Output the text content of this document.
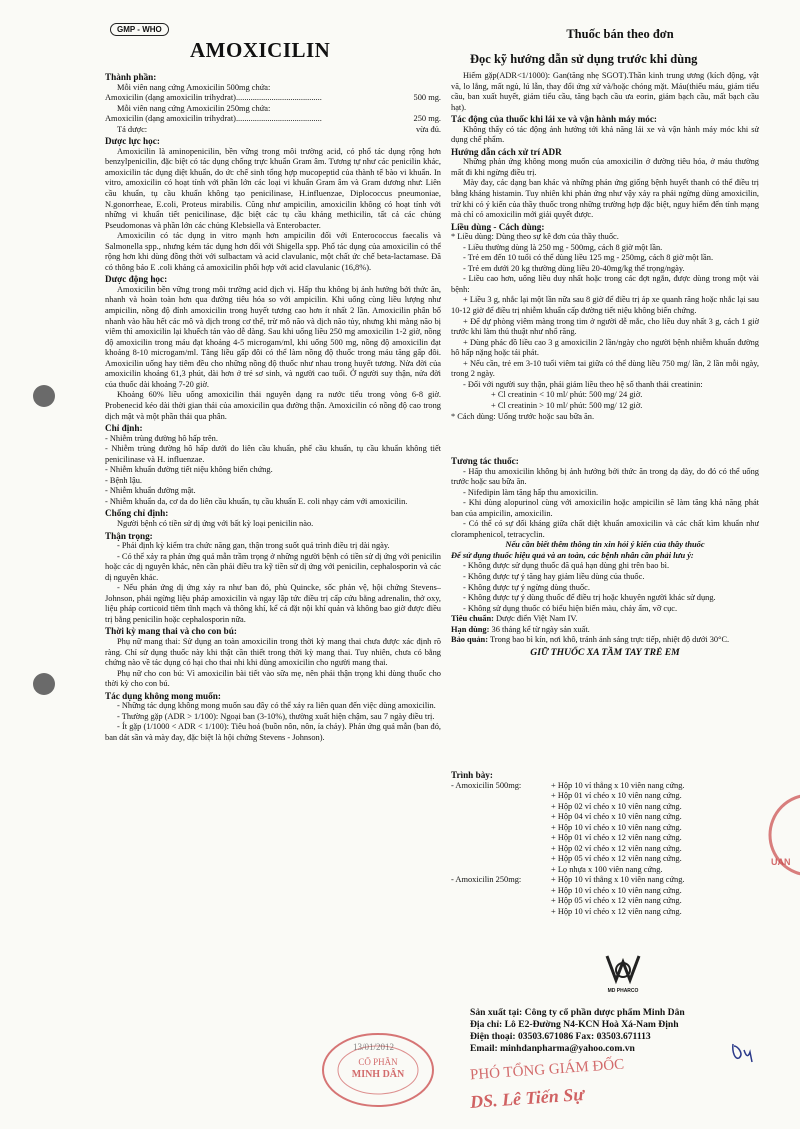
GMP - WHO
AMOXICILIN
Thuốc bán theo đơn
Đọc kỹ hướng dẫn sử dụng trước khi dùng
Thành phần:

Mỗi viên nang cứng Amoxicilin 500mg chứa:

Amoxicilin (dạng amoxicilin trihydrat).........................................	500 mg.

Mỗi viên nang cứng Amoxicilin 250mg chứa:

Amoxicilin (dạng amoxicilin trihydrat).........................................	250 mg.
Tá dược:	vừa đủ.
Dược lực học:

Amoxicilin là aminopenicilin, bền vững trong môi trường acid, có phổ tác dụng rộng hơn benzylpenicilin, đặc biệt có tác dụng chống trực khuẩn Gram âm. Tương tự như các penicilin khác, amoxicilin tác dụng diệt khuẩn, do ức chế sinh tổng hợp mucopeptid của thành tế bào vi khuẩn. In vitro, amoxicilin có hoạt tính với phần lớn các loại vi khuẩn Gram âm và Gram dương như: Liên cầu khuẩn, tụ cầu khuẩn không tạo penicilinase, H.influenzae, Diplococcus pneumoniae, N.gonorrheae, E.coli, Proteus mirabilis. Cũng như ampicilin, amoxicilin không có hoạt tính với những vi khuẩn tiết penicilinase, đặc biệt các tụ cầu kháng methicilin, tất cả các chủng Pseudomonas và phần lớn các chủng Klebsiella và Enterobacter.

Amoxicilin có tác dụng in vitro mạnh hơn ampicilin đối với Enterococcus faecalis và Salmonella spp., nhưng kém tác dụng hơn đối với Shigella spp. Phổ tác dụng của amoxicilin có thể rộng hơn khi dùng đồng thời với sulbactam và acid clavulanic, một chất ức chế beta-lactamase. Đã có thông báo E .coli kháng cả amoxicilin phối hợp với acid clavulanic (16,8%).

Dược động học:

Amoxicilin bền vững trong môi trường acid dịch vị. Hấp thu không bị ảnh hưởng bởi thức ăn, nhanh và hoàn toàn hơn qua đường tiêu hóa so với ampicilin. Khi uống cùng liều lượng như ampicilin, nồng độ đỉnh amoxicilin trong huyết tương cao hơn ít nhất 2 lần. Amoxicilin phân bố nhanh vào hầu hết các mô và dịch trong cơ thể, trừ mô não và dịch não tủy, nhưng khi màng não bị viêm thì amoxicilin lại khuếch tán vào dễ dàng. Sau khi uống liều 250 mg amoxicilin 1-2 giờ, nồng độ amoxicilin trong máu đạt khoảng 4-5 microgam/ml, khi uống 500 mg, nồng độ amoxicilin đạt khoảng 8-10 microgam/ml. Tăng liều gấp đôi có thể làm nồng độ thuốc trong máu tăng gấp đôi. Amoxicilin uống hay tiêm đều cho những nồng độ thuốc như nhau trong huyết tương. Nửa đời của amoxicilin khoảng 61,3 phút, dài hơn ở trẻ sơ sinh, và người cao tuổi. Ở người suy thận, nửa đời của thuốc dài khoảng 7-20 giờ.

Khoảng 60% liều uống amoxicilin thải nguyên dạng ra nước tiểu trong vòng 6-8 giờ. Probenecid kéo dài thời gian thải của amoxicilin qua đường thận. Amoxicilin có nồng độ cao trong dịch mật và một phần thải qua phân.

Chỉ định:

- Nhiễm trùng đường hô hấp trên.

- Nhiễm trùng đường hô hấp dưới do liên cầu khuẩn, phế cầu khuẩn, tụ cầu khuẩn không tiết penicilinase và H. influenzae.

- Nhiễm khuẩn đường tiết niệu không biến chứng.

- Bệnh lậu.

- Nhiễm khuẩn đường mật.

- Nhiễm khuẩn da, cơ da do liên cầu khuẩn, tụ cầu khuẩn E. coli nhạy cảm với amoxicilin.

Chống chỉ định:

Người bệnh có tiền sử dị ứng với bất kỳ loại penicilin nào.

Thận trọng:

- Phải định kỳ kiểm tra chức năng gan, thận trong suốt quá trình điều trị dài ngày.

- Có thể xảy ra phản ứng quá mẫn trầm trọng ở những người bệnh có tiền sử dị ứng với penicilin hoặc các dị nguyên khác, nên cần phải điều tra kỹ tiền sử dị ứng với penicilin, cephalosporin và các dị nguyên khác.

- Nếu phản ứng dị ứng xảy ra như ban đỏ, phù Quincke, sốc phản vệ, hội chứng Stevens–Johnson, phải ngừng liệu pháp amoxicilin và ngay lập tức điều trị cấp cứu bằng adrenalin, thở oxy, liệu pháp corticoid tiêm tĩnh mạch và thông khí, kể cả đặt nội khí quản và không bao giờ được điều trị bằng penicilin hoặc cephalosporin nữa.

Thời kỳ mang thai và cho con bú:

Phụ nữ mang thai: Sử dụng an toàn amoxicilin trong thời kỳ mang thai chưa được xác định rõ ràng. Chỉ sử dụng thuốc này khi thật cần thiết trong thời kỳ mang thai. Tuy nhiên, chưa có bằng chứng nào về tác dụng có hại cho thai nhi khi dùng amoxicilin cho người mang thai.

Phụ nữ cho con bú: Vì amoxicilin bài tiết vào sữa mẹ, nên phải thận trọng khi dùng thuốc cho thời kỳ cho con bú.

Tác dụng không mong muốn:

- Những tác dụng không mong muốn sau đây có thể xảy ra liên quan đến việc dùng amoxicilin.

- Thường gặp (ADR > 1/100): Ngoại ban (3-10%), thường xuất hiện chậm, sau 7 ngày điều trị.

- Ít gặp (1/1000 < ADR < 1/100): Tiêu hoá (buồn nôn, nôn, ỉa chảy). Phản ứng quá mẫn (ban đỏ, ban dát sần và mày đay, đặc biệt là hội chứng Stevens - Johnson).

Hiếm gặp(ADR<1/1000): Gan(tăng nhẹ SGOT).Thần kinh trung ương (kích động, vật vã, lo lắng, mất ngủ, lú lẫn, thay đổi ứng xử và/hoặc chóng mặt. Máu(thiếu máu, giảm tiểu cầu, ban xuất huyết, giảm tiểu cầu, tăng bạch cầu ưa eorin, giảm bạch cầu, mất bạch cầu hạt).

Tác động của thuốc khi lái xe và vận hành máy móc:

Không thấy có tác động ảnh hưởng tới khả năng lái xe và vận hành máy móc khi sử dụng chế phẩm.

Hướng dẫn cách xử trí ADR

Những phản ứng không mong muốn của amoxicilin ở đường tiêu hóa, ở máu thường mất đi khi ngừng điều trị.

Mày đay, các dạng ban khác và những phản ứng giống bệnh huyết thanh có thể điều trị bằng kháng histamin. Tuy nhiên khi phản ứng như vậy xảy ra phải ngừng dùng amoxicilin, trừ khi có ý kiến của thầy thuốc trong những trường hợp đặc biệt, nguy hiểm đến tính mạng mà chỉ có amoxicilin mới giải quyết được.

Liều dùng - Cách dùng:

* Liều dùng: Dùng theo sự kê đơn của thầy thuốc.

- Liều thường dùng là 250 mg - 500mg, cách 8 giờ một lần.

- Trẻ em đến 10 tuổi có thể dùng liều 125 mg - 250mg, cách 8 giờ một lần.

- Trẻ em dưới 20 kg thường dùng liều 20-40mg/kg thể trọng/ngày.

- Liều cao hơn, uống liều duy nhất hoặc trong các đợt ngắn, được dùng trong một vài bệnh:

+ Liều 3 g, nhắc lại một lần nữa sau 8 giờ để điều trị áp xe quanh răng hoặc nhắc lại sau 10-12 giờ để điều trị nhiễm khuẩn cấp đường tiết niệu không biến chứng.

+ Để dự phòng viêm màng trong tim ở người dễ mắc, cho liều duy nhất 3 g, cách 1 giờ trước khi làm thủ thuật như nhổ răng.

+ Dùng phác đồ liều cao 3 g amoxicilin 2 lần/ngày cho người bệnh nhiễm khuẩn đường hô hấp nặng hoặc tái phát.

+ Nếu cần, trẻ em 3-10 tuổi viêm tai giữa có thể dùng liều 750 mg/ lần, 2 lần mỗi ngày, trong 2 ngày.

- Đối với người suy thận, phải giảm liều theo hệ số thanh thải creatinin:

+ Cl creatinin < 10 ml/ phút: 500 mg/ 24 giờ.

+ Cl creatinin > 10 ml/ phút: 500 mg/ 12 giờ.

* Cách dùng: Uống trước hoặc sau bữa ăn.

Tương tác thuốc:

- Hấp thu amoxicilin không bị ảnh hưởng bởi thức ăn trong dạ dày, do đó có thể uống trước hoặc sau bữa ăn.

- Nifedipin làm tăng hấp thu amoxicilin.

- Khi dùng alopurinol cùng với amoxicilin hoặc ampicilin sẽ làm tăng khả năng phát ban của ampicilin, amoxicilin.

- Có thể có sự đối kháng giữa chất diệt khuẩn amoxicilin và các chất kìm khuẩn như cloramphenicol, tetracyclin.

Nếu cần biết thêm thông tin xin hỏi ý kiến của thầy thuốc

Để sử dụng thuốc hiệu quả và an toàn, các bệnh nhân cần phải lưu ý:

- Không được sử dụng thuốc đã quá hạn dùng ghi trên bao bì.

- Không được tự ý tăng hay giảm liều dùng của thuốc.

- Không được tự ý ngừng dùng thuốc.

- Không được tự ý dùng thuốc để điều trị hoặc khuyên người khác sử dụng.

- Không sử dụng thuốc có biểu hiện biến màu, chảy ẩm, vỡ cục.

Tiêu chuẩn: Dược điển Việt Nam IV.

Hạn dùng: 36 tháng kể từ ngày sản xuất.

Bảo quản: Trong bao bì kín, nơi khô, tránh ánh sáng trực tiếp, nhiệt độ dưới 30°C.

GIỮ THUỐC XA TẦM TAY TRẺ EM
Trình bày:
- Amoxicilin 500mg:	+ Hộp 10 vỉ thẳng x 10 viên nang cứng.
+ Hộp 01 vỉ chéo x 10 viên nang cứng.
+ Hộp 02 vỉ chéo x 10 viên nang cứng.
+ Hộp 04 vỉ chéo x 10 viên nang cứng.
+ Hộp 10 vỉ chéo x 10 viên nang cứng.
+ Hộp 01 vỉ chéo x 12 viên nang cứng.
+ Hộp 02 vỉ chéo x 12 viên nang cứng.
+ Hộp 05 vỉ chéo x 12 viên nang cứng.
+ Lọ nhựa x 100 viên nang cứng.
- Amoxicilin 250mg:	+ Hộp 10 vỉ thẳng x 10 viên nang cứng.
+ Hộp 10 vỉ chéo x 10 viên nang cứng.
+ Hộp 05 vỉ chéo x 12 viên nang cứng.
+ Hộp 10 vỉ chéo x 12 viên nang cứng.
MD PHARCO
Sản xuất tại: Công ty cổ phần dược phẩm Minh Dân
Địa chỉ: Lô E2-Đường N4-KCN Hoà Xá-Nam Định
Điện thoại: 03503.671086 Fax: 03503.671113
Email: minhdanpharma@yahoo.com.vn
CỔ PHẦN
MINH DÂN
13/01/2012
UAN
PHÓ TỔNG GIÁM ĐỐC
DS. Lê Tiến Sự
